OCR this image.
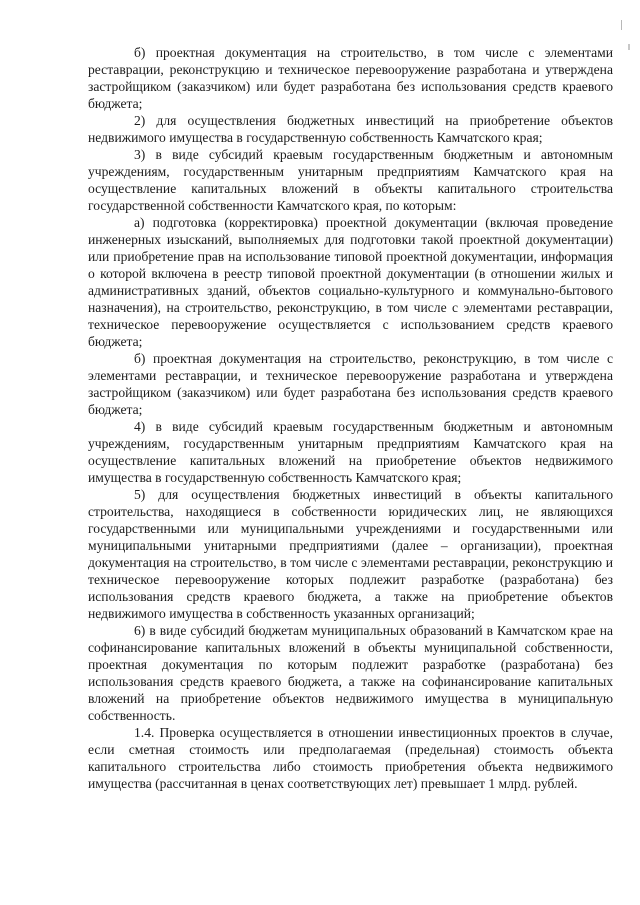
б) проектная документация на строительство, в том числе с элементами реставрации, реконструкцию и техническое перевооружение разработана и утверждена застройщиком (заказчиком) или будет разработана без использования средств краевого бюджета;

2) для осуществления бюджетных инвестиций на приобретение объектов недвижимого имущества в государственную собственность Камчатского края;

3) в виде субсидий краевым государственным бюджетным и автономным учреждениям, государственным унитарным предприятиям Камчатского края на осуществление капитальных вложений в объекты капитального строительства государственной собственности Камчатского края, по которым:

а) подготовка (корректировка) проектной документации (включая проведение инженерных изысканий, выполняемых для подготовки такой проектной документации) или приобретение прав на использование типовой проектной документации, информация о которой включена в реестр типовой проектной документации (в отношении жилых и административных зданий, объектов социально-культурного и коммунально-бытового назначения), на строительство, реконструкцию, в том числе с элементами реставрации, техническое перевооружение осуществляется с использованием средств краевого бюджета;

б) проектная документация на строительство, реконструкцию, в том числе с элементами реставрации, и техническое перевооружение разработана и утверждена застройщиком (заказчиком) или будет разработана без использования средств краевого бюджета;

4) в виде субсидий краевым государственным бюджетным и автономным учреждениям, государственным унитарным предприятиям Камчатского края на осуществление капитальных вложений на приобретение объектов недвижимого имущества в государственную собственность Камчатского края;

5) для осуществления бюджетных инвестиций в объекты капитального строительства, находящиеся в собственности юридических лиц, не являющихся государственными или муниципальными учреждениями и государственными или муниципальными унитарными предприятиями (далее – организации), проектная документация на строительство, в том числе с элементами реставрации, реконструкцию и техническое перевооружение которых подлежит разработке (разработана) без использования средств краевого бюджета, а также на приобретение объектов недвижимого имущества в собственность указанных организаций;

6) в виде субсидий бюджетам муниципальных образований в Камчатском крае на софинансирование капитальных вложений в объекты муниципальной собственности, проектная документация по которым подлежит разработке (разработана) без использования средств краевого бюджета, а также на софинансирование капитальных вложений на приобретение объектов недвижимого имущества в муниципальную собственность.

1.4. Проверка осуществляется в отношении инвестиционных проектов в случае, если сметная стоимость или предполагаемая (предельная) стоимость объекта капитального строительства либо стоимость приобретения объекта недвижимого имущества (рассчитанная в ценах соответствующих лет) превышает 1 млрд. рублей.
